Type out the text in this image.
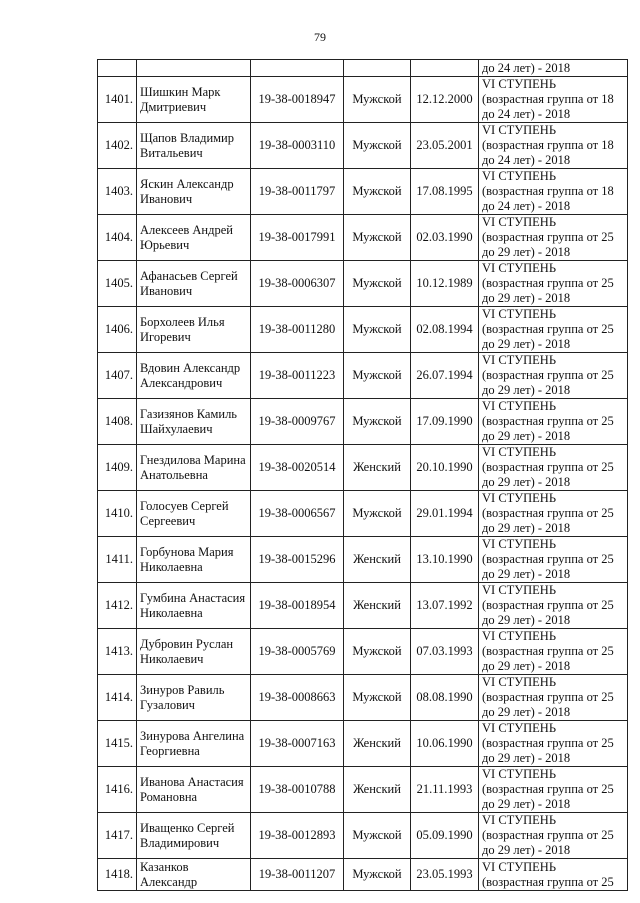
79

					до 24 лет) - 2018

1401.	Шишкин Марк Дмитриевич	19-38-0018947	Мужской	12.12.2000	VI СТУПЕНЬ
(возрастная группа от 18
до 24 лет) - 2018

1402.	Щапов Владимир Витальевич	19-38-0003110	Мужской	23.05.2001	VI СТУПЕНЬ
(возрастная группа от 18
до 24 лет) - 2018

1403.	Яскин Александр Иванович	19-38-0011797	Мужской	17.08.1995	VI СТУПЕНЬ
(возрастная группа от 18
до 24 лет) - 2018

1404.	Алексеев Андрей Юрьевич	19-38-0017991	Мужской	02.03.1990	VI СТУПЕНЬ
(возрастная группа от 25
до 29 лет) - 2018

1405.	Афанасьев Сергей Иванович	19-38-0006307	Мужской	10.12.1989	VI СТУПЕНЬ
(возрастная группа от 25
до 29 лет) - 2018

1406.	Борхолеев Илья Игоревич	19-38-0011280	Мужской	02.08.1994	VI СТУПЕНЬ
(возрастная группа от 25
до 29 лет) - 2018

1407.	Вдовин Александр Александрович	19-38-0011223	Мужской	26.07.1994	VI СТУПЕНЬ
(возрастная группа от 25
до 29 лет) - 2018

1408.	Газизянов Камиль Шайхулаевич	19-38-0009767	Мужской	17.09.1990	VI СТУПЕНЬ
(возрастная группа от 25
до 29 лет) - 2018

1409.	Гнездилова Марина Анатольевна	19-38-0020514	Женский	20.10.1990	VI СТУПЕНЬ
(возрастная группа от 25
до 29 лет) - 2018

1410.	Голосуев Сергей Сергеевич	19-38-0006567	Мужской	29.01.1994	VI СТУПЕНЬ
(возрастная группа от 25
до 29 лет) - 2018

1411.	Горбунова Мария Николаевна	19-38-0015296	Женский	13.10.1990	VI СТУПЕНЬ
(возрастная группа от 25
до 29 лет) - 2018

1412.	Гумбина Анастасия Николаевна	19-38-0018954	Женский	13.07.1992	VI СТУПЕНЬ
(возрастная группа от 25
до 29 лет) - 2018

1413.	Дубровин Руслан Николаевич	19-38-0005769	Мужской	07.03.1993	VI СТУПЕНЬ
(возрастная группа от 25
до 29 лет) - 2018

1414.	Зинуров Равиль Гузалович	19-38-0008663	Мужской	08.08.1990	VI СТУПЕНЬ
(возрастная группа от 25
до 29 лет) - 2018

1415.	Зинурова Ангелина Георгиевна	19-38-0007163	Женский	10.06.1990	VI СТУПЕНЬ
(возрастная группа от 25
до 29 лет) - 2018

1416.	Иванова Анастасия Романовна	19-38-0010788	Женский	21.11.1993	VI СТУПЕНЬ
(возрастная группа от 25
до 29 лет) - 2018

1417.	Иващенко Сергей Владимирович	19-38-0012893	Мужской	05.09.1990	VI СТУПЕНЬ
(возрастная группа от 25
до 29 лет) - 2018

1418.	Казанков Александр	19-38-0011207	Мужской	23.05.1993	VI СТУПЕНЬ
(возрастная группа от 25
